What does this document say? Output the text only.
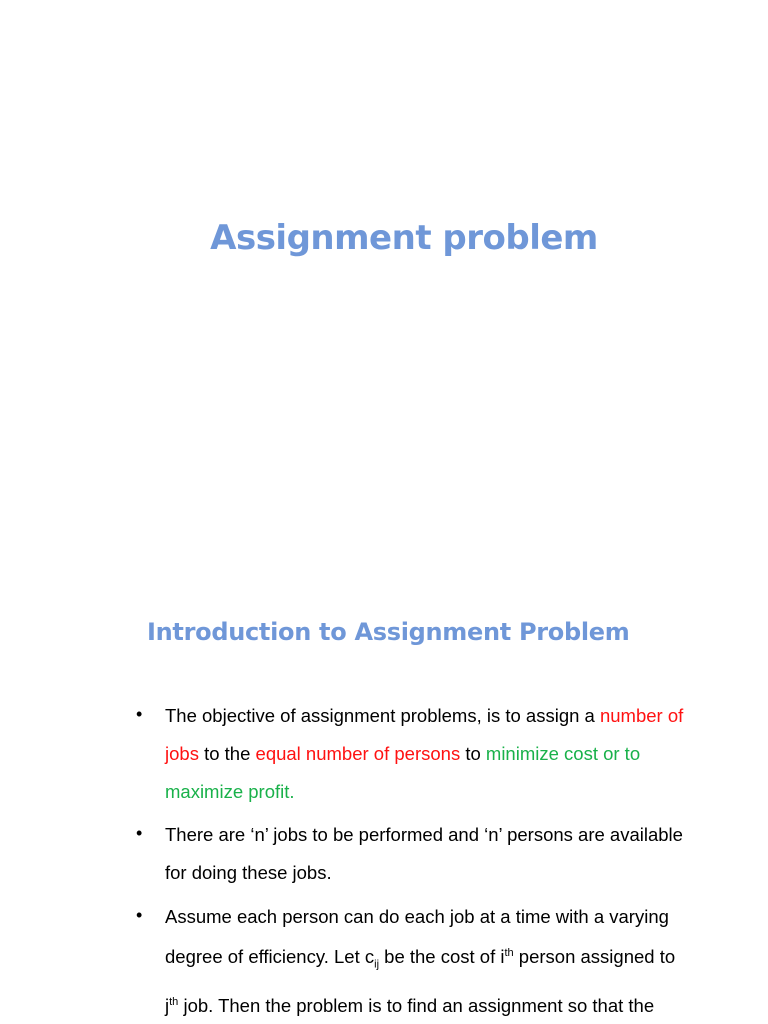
Assignment problem
Introduction to Assignment Problem
• The objective of assignment problems, is to assign a number of
jobs to the equal number of persons to minimize cost or to
maximize profit.
• There are ‘n’ jobs to be performed and ‘n’ persons are available
for doing these jobs.
• Assume each person can do each job at a time with a varying
degree of efficiency. Let $c_{ij}$ be the cost of $i^{th}$ person assigned to
$j^{th}$ job. Then the problem is to find an assignment so that the
